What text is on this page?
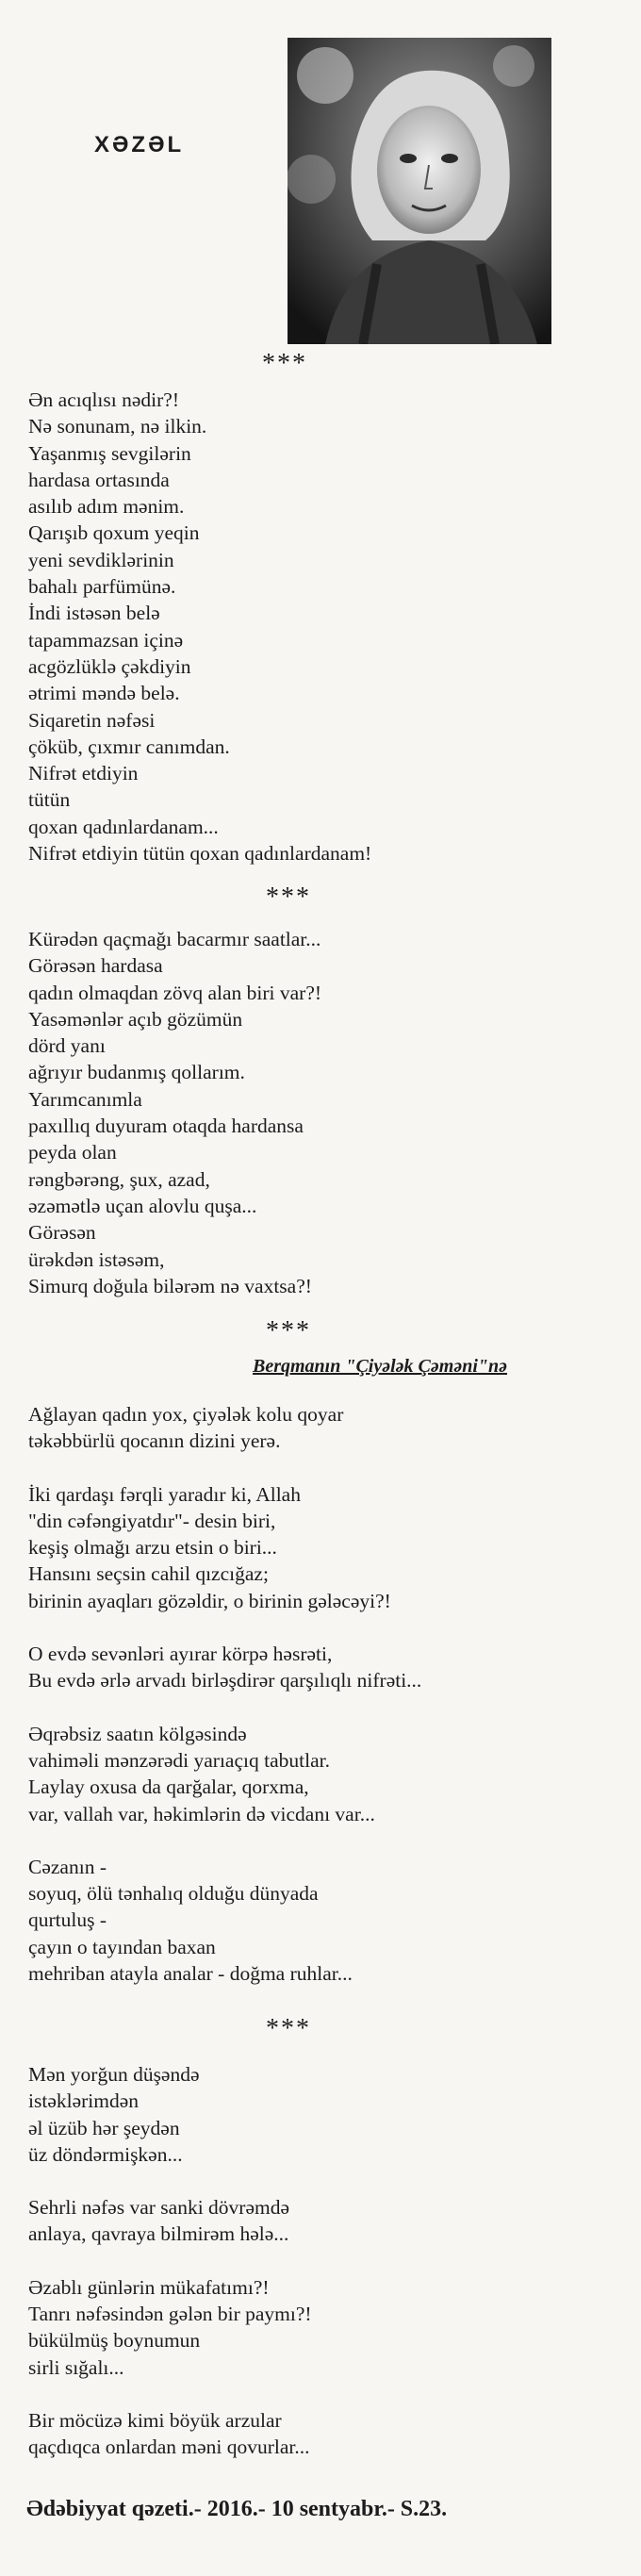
XƏZƏL
***
Ən acıqlısı nədir?!
Nə sonunam, nə ilkin.
Yaşanmış sevgilərin
hardasa ortasında
asılıb adım mənim.
Qarışıb qoxum yeqin
yeni sevdiklərinin
bahalı parfümünə.
İndi istəsən belə
tapammazsan içinə
acgözlüklə çəkdiyin
ətrimi məndə belə.
Siqaretin nəfəsi
çöküb, çıxmır canımdan.
Nifrət etdiyin
tütün
qoxan qadınlardanam...
Nifrət etdiyin tütün qoxan qadınlardanam!
***
Kürədən qaçmağı bacarmır saatlar...
Görəsən hardasa
qadın olmaqdan zövq alan biri var?!
Yasəmənlər açıb gözümün
dörd yanı
ağrıyır budanmış qollarım.
Yarımcanımla
paxıllıq duyuram otaqda hardansa
peyda olan
rəngbərəng, şux, azad,
əzəmətlə uçan alovlu quşa...
Görəsən
ürəkdən istəsəm,
Simurq doğula bilərəm nə vaxtsa?!
***
Berqmanın "Çiyələk Çəməni"nə
Ağlayan qadın yox, çiyələk kolu qoyar
təkəbbürlü qocanın dizini yerə.
İki qardaşı fərqli yaradır ki, Allah
"din cəfəngiyatdır"- desin biri,
keşiş olmağı arzu etsin o biri...
Hansını seçsin cahil qızcığaz;
birinin ayaqları gözəldir, o birinin gələcəyi?!
O evdə sevənləri ayırar körpə həsrəti,
Bu evdə ərlə arvadı birləşdirər qarşılıqlı nifrəti...
Əqrəbsiz saatın kölgəsində
vahiməli mənzərədi yarıaçıq tabutlar.
Laylay oxusa da qarğalar, qorxma,
var, vallah var, həkimlərin də vicdanı var...
Cəzanın -
soyuq, ölü tənhalıq olduğu dünyada
qurtuluş -
çayın o tayından baxan
mehriban atayla analar - doğma ruhlar...
***
Mən yorğun düşəndə
istəklərimdən
əl üzüb hər şeydən
üz döndərmişkən...
Sehrli nəfəs var sanki dövrəmdə
anlaya, qavraya bilmirəm hələ...
Əzablı günlərin mükafatımı?!
Tanrı nəfəsindən gələn bir paymı?!
bükülmüş boynumun
sirli sığalı...
Bir möcüzə kimi böyük arzular
qaçdıqca onlardan məni qovurlar...
Ədəbiyyat qəzeti.- 2016.- 10 sentyabr.- S.23.
